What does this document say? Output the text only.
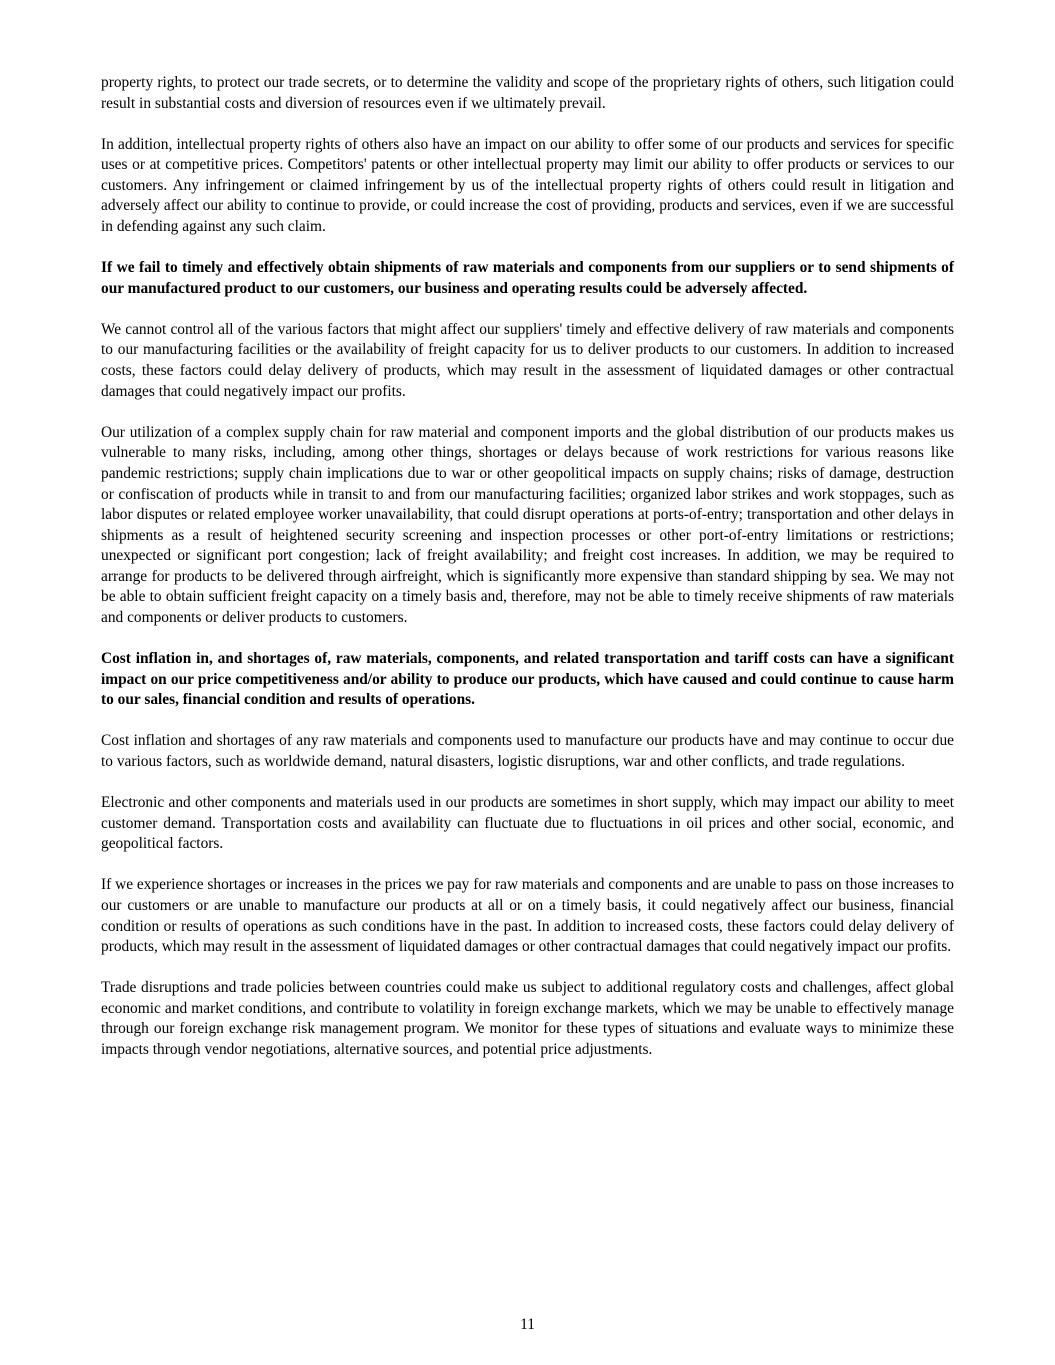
property rights, to protect our trade secrets, or to determine the validity and scope of the proprietary rights of others, such litigation could result in substantial costs and diversion of resources even if we ultimately prevail.

In addition, intellectual property rights of others also have an impact on our ability to offer some of our products and services for specific uses or at competitive prices. Competitors' patents or other intellectual property may limit our ability to offer products or services to our customers. Any infringement or claimed infringement by us of the intellectual property rights of others could result in litigation and adversely affect our ability to continue to provide, or could increase the cost of providing, products and services, even if we are successful in defending against any such claim.

If we fail to timely and effectively obtain shipments of raw materials and components from our suppliers or to send shipments of our manufactured product to our customers, our business and operating results could be adversely affected.

We cannot control all of the various factors that might affect our suppliers' timely and effective delivery of raw materials and components to our manufacturing facilities or the availability of freight capacity for us to deliver products to our customers. In addition to increased costs, these factors could delay delivery of products, which may result in the assessment of liquidated damages or other contractual damages that could negatively impact our profits.

Our utilization of a complex supply chain for raw material and component imports and the global distribution of our products makes us vulnerable to many risks, including, among other things, shortages or delays because of work restrictions for various reasons like pandemic restrictions; supply chain implications due to war or other geopolitical impacts on supply chains; risks of damage, destruction or confiscation of products while in transit to and from our manufacturing facilities; organized labor strikes and work stoppages, such as labor disputes or related employee worker unavailability, that could disrupt operations at ports-of-entry; transportation and other delays in shipments as a result of heightened security screening and inspection processes or other port-of-entry limitations or restrictions; unexpected or significant port congestion; lack of freight availability; and freight cost increases. In addition, we may be required to arrange for products to be delivered through airfreight, which is significantly more expensive than standard shipping by sea. We may not be able to obtain sufficient freight capacity on a timely basis and, therefore, may not be able to timely receive shipments of raw materials and components or deliver products to customers.

Cost inflation in, and shortages of, raw materials, components, and related transportation and tariff costs can have a significant impact on our price competitiveness and/or ability to produce our products, which have caused and could continue to cause harm to our sales, financial condition and results of operations.

Cost inflation and shortages of any raw materials and components used to manufacture our products have and may continue to occur due to various factors, such as worldwide demand, natural disasters, logistic disruptions, war and other conflicts, and trade regulations.

Electronic and other components and materials used in our products are sometimes in short supply, which may impact our ability to meet customer demand. Transportation costs and availability can fluctuate due to fluctuations in oil prices and other social, economic, and geopolitical factors.

If we experience shortages or increases in the prices we pay for raw materials and components and are unable to pass on those increases to our customers or are unable to manufacture our products at all or on a timely basis, it could negatively affect our business, financial condition or results of operations as such conditions have in the past. In addition to increased costs, these factors could delay delivery of products, which may result in the assessment of liquidated damages or other contractual damages that could negatively impact our profits.

Trade disruptions and trade policies between countries could make us subject to additional regulatory costs and challenges, affect global economic and market conditions, and contribute to volatility in foreign exchange markets, which we may be unable to effectively manage through our foreign exchange risk management program. We monitor for these types of situations and evaluate ways to minimize these impacts through vendor negotiations, alternative sources, and potential price adjustments.

11
